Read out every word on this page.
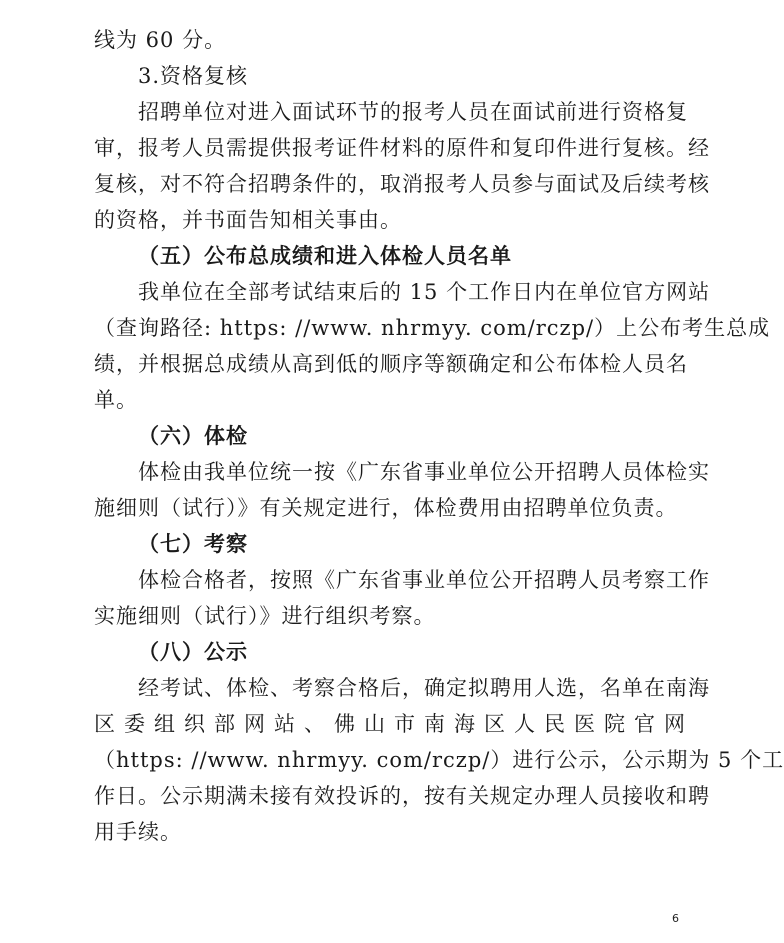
线为 60 分。
3.资格复核
招聘单位对进入面试环节的报考人员在面试前进行资格复
审，报考人员需提供报考证件材料的原件和复印件进行复核。经
复核，对不符合招聘条件的，取消报考人员参与面试及后续考核
的资格，并书面告知相关事由。
（五）公布总成绩和进入体检人员名单
我单位在全部考试结束后的 15 个工作日内在单位官方网站
（查询路径: https: //www. nhrmyy. com/rczp/）上公布考生总成
绩，并根据总成绩从高到低的顺序等额确定和公布体检人员名
单。
（六）体检
体检由我单位统一按《广东省事业单位公开招聘人员体检实
施细则（试行）》有关规定进行，体检费用由招聘单位负责。
（七）考察
体检合格者，按照《广东省事业单位公开招聘人员考察工作
实施细则（试行）》进行组织考察。
（八）公示
经考试、体检、考察合格后，确定拟聘用人选，名单在南海
区委组织部网站、佛山市南海区人民医院官网
（https: //www. nhrmyy. com/rczp/）进行公示，公示期为 5 个工
作日。公示期满未接有效投诉的，按有关规定办理人员接收和聘
用手续。
6
